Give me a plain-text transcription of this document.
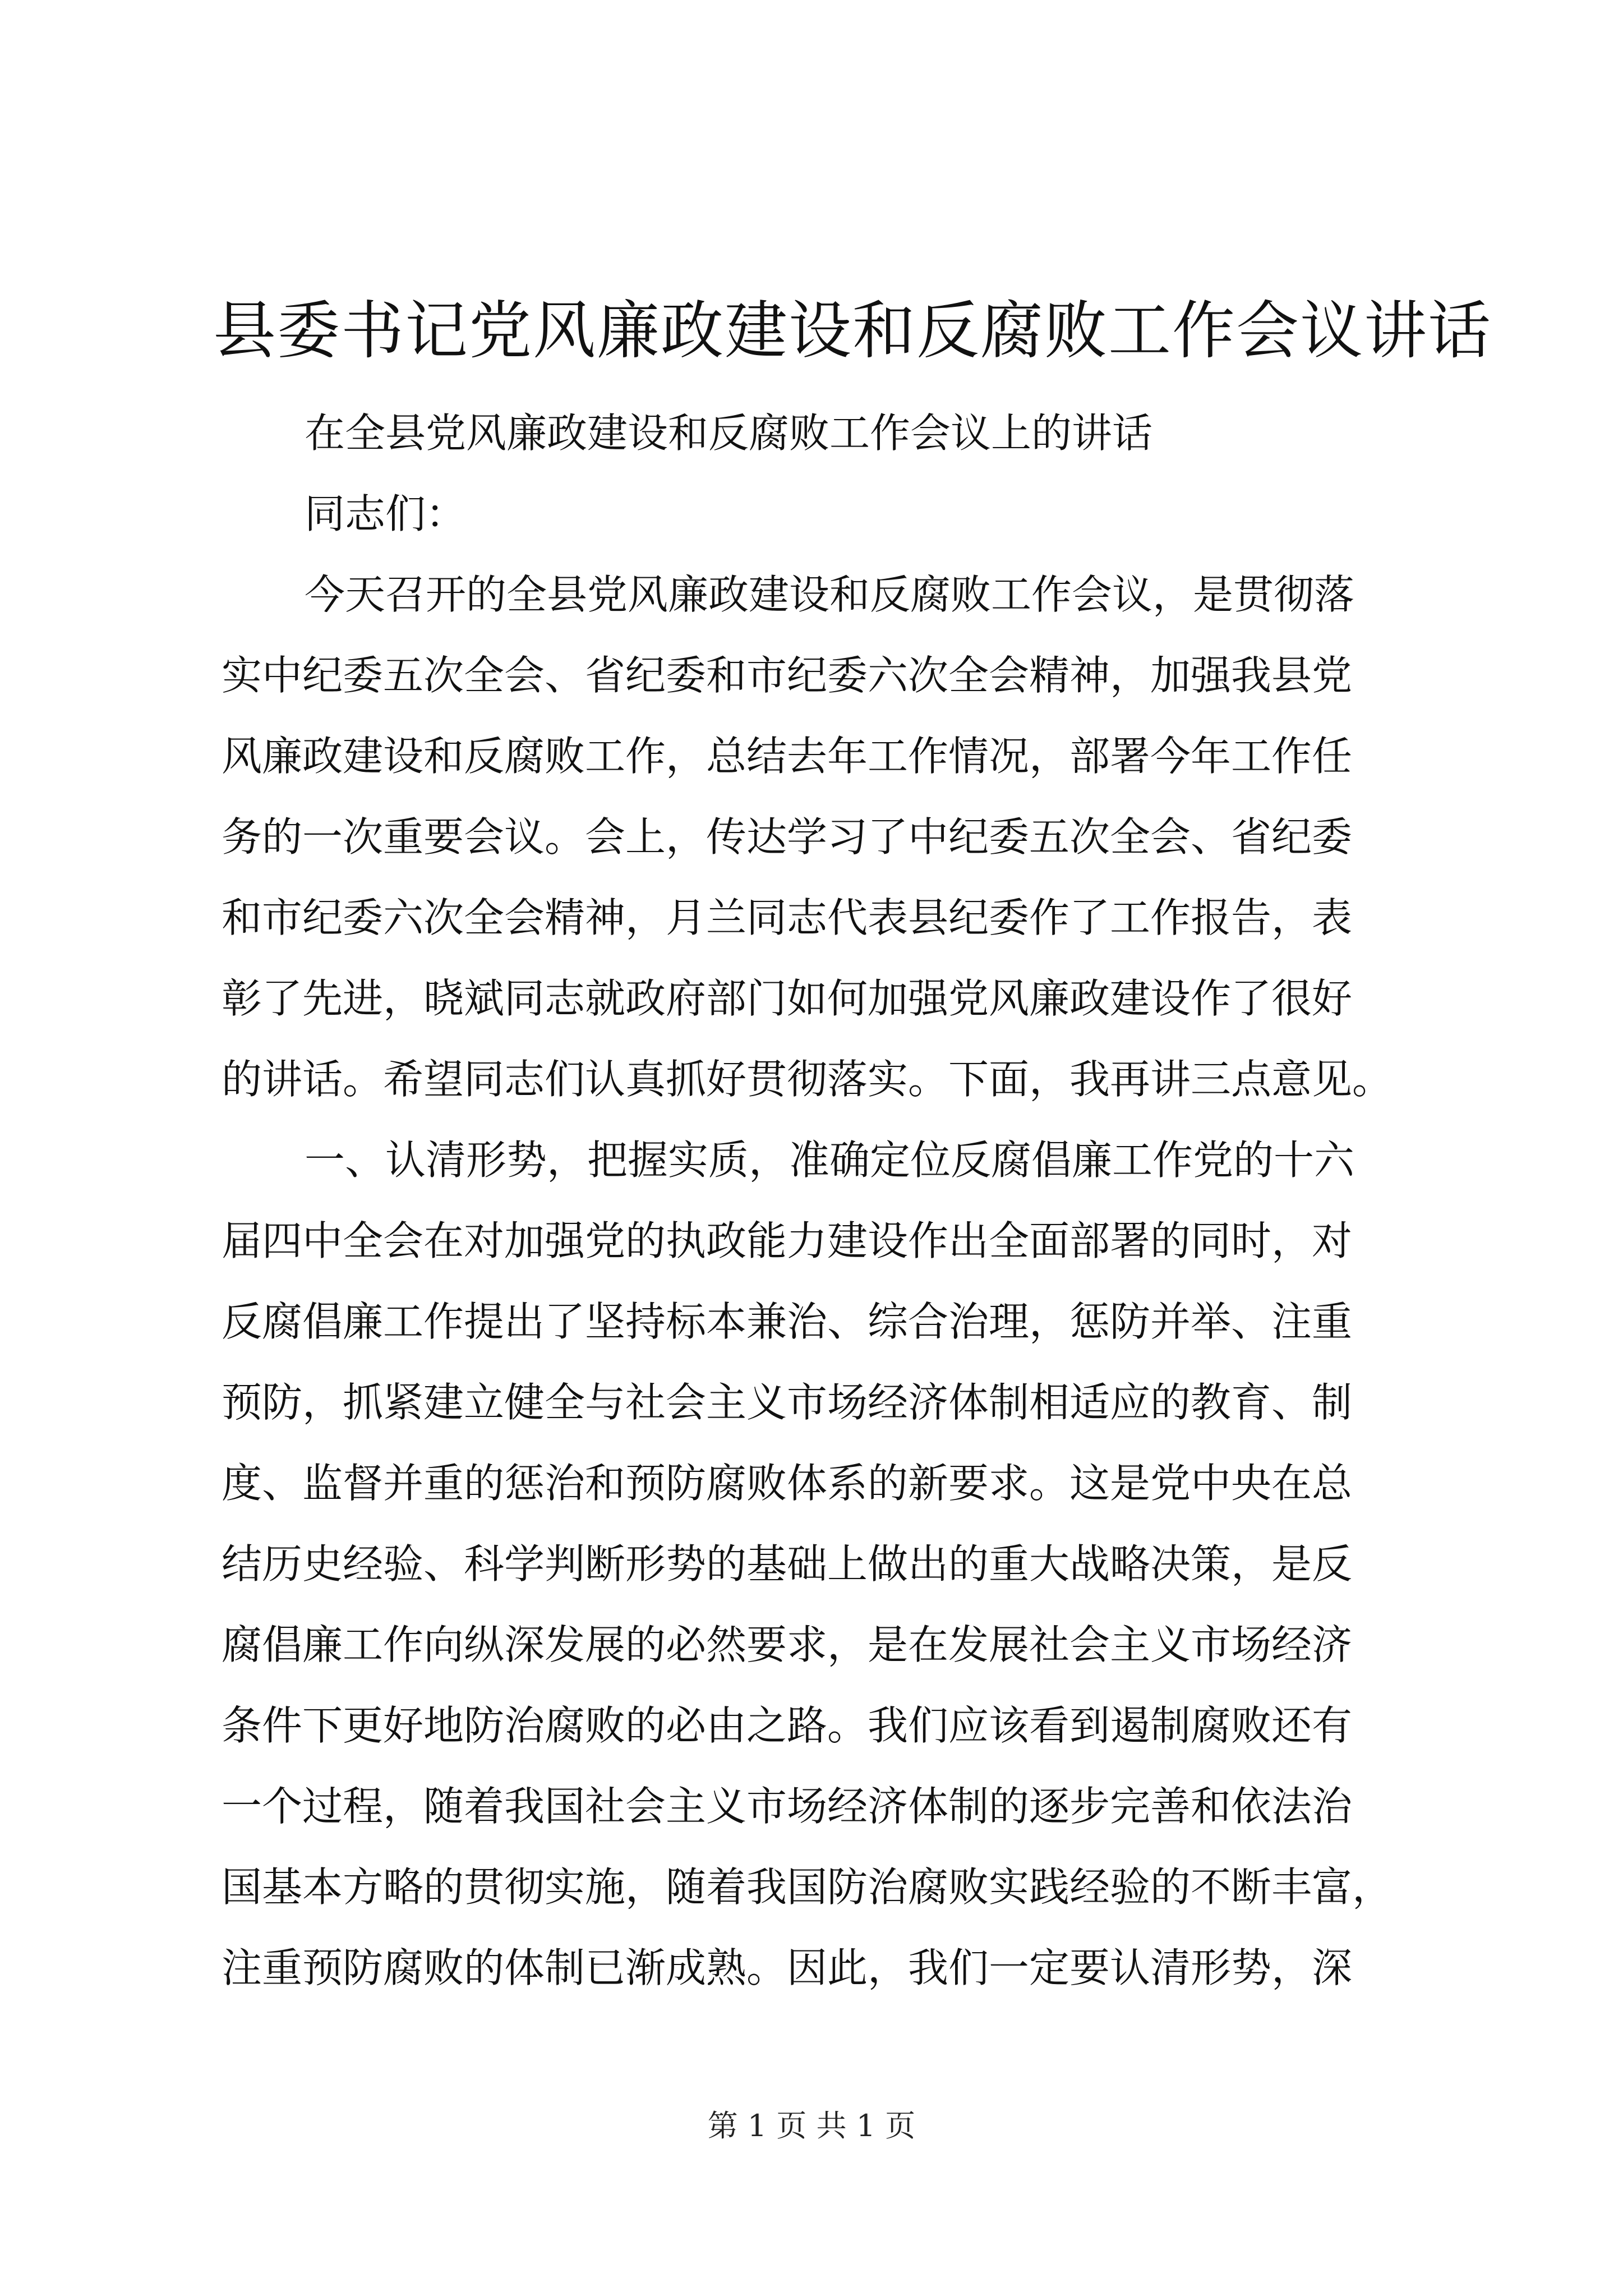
县委书记党风廉政建设和反腐败工作会议讲话
在全县党风廉政建设和反腐败工作会议上的讲话
同志们：
今天召开的全县党风廉政建设和反腐败工作会议，是贯彻落
实中纪委五次全会、省纪委和市纪委六次全会精神，加强我县党
风廉政建设和反腐败工作，总结去年工作情况，部署今年工作任
务的一次重要会议。会上，传达学习了中纪委五次全会、省纪委
和市纪委六次全会精神，月兰同志代表县纪委作了工作报告，表
彰了先进，晓斌同志就政府部门如何加强党风廉政建设作了很好
的讲话。希望同志们认真抓好贯彻落实。下面，我再讲三点意见。
一、认清形势，把握实质，准确定位反腐倡廉工作党的十六
届四中全会在对加强党的执政能力建设作出全面部署的同时，对
反腐倡廉工作提出了坚持标本兼治、综合治理，惩防并举、注重
预防，抓紧建立健全与社会主义市场经济体制相适应的教育、制
度、监督并重的惩治和预防腐败体系的新要求。这是党中央在总
结历史经验、科学判断形势的基础上做出的重大战略决策，是反
腐倡廉工作向纵深发展的必然要求，是在发展社会主义市场经济
条件下更好地防治腐败的必由之路。我们应该看到遏制腐败还有
一个过程，随着我国社会主义市场经济体制的逐步完善和依法治
国基本方略的贯彻实施，随着我国防治腐败实践经验的不断丰富，
注重预防腐败的体制已渐成熟。因此，我们一定要认清形势，深
第 1 页 共 1 页
